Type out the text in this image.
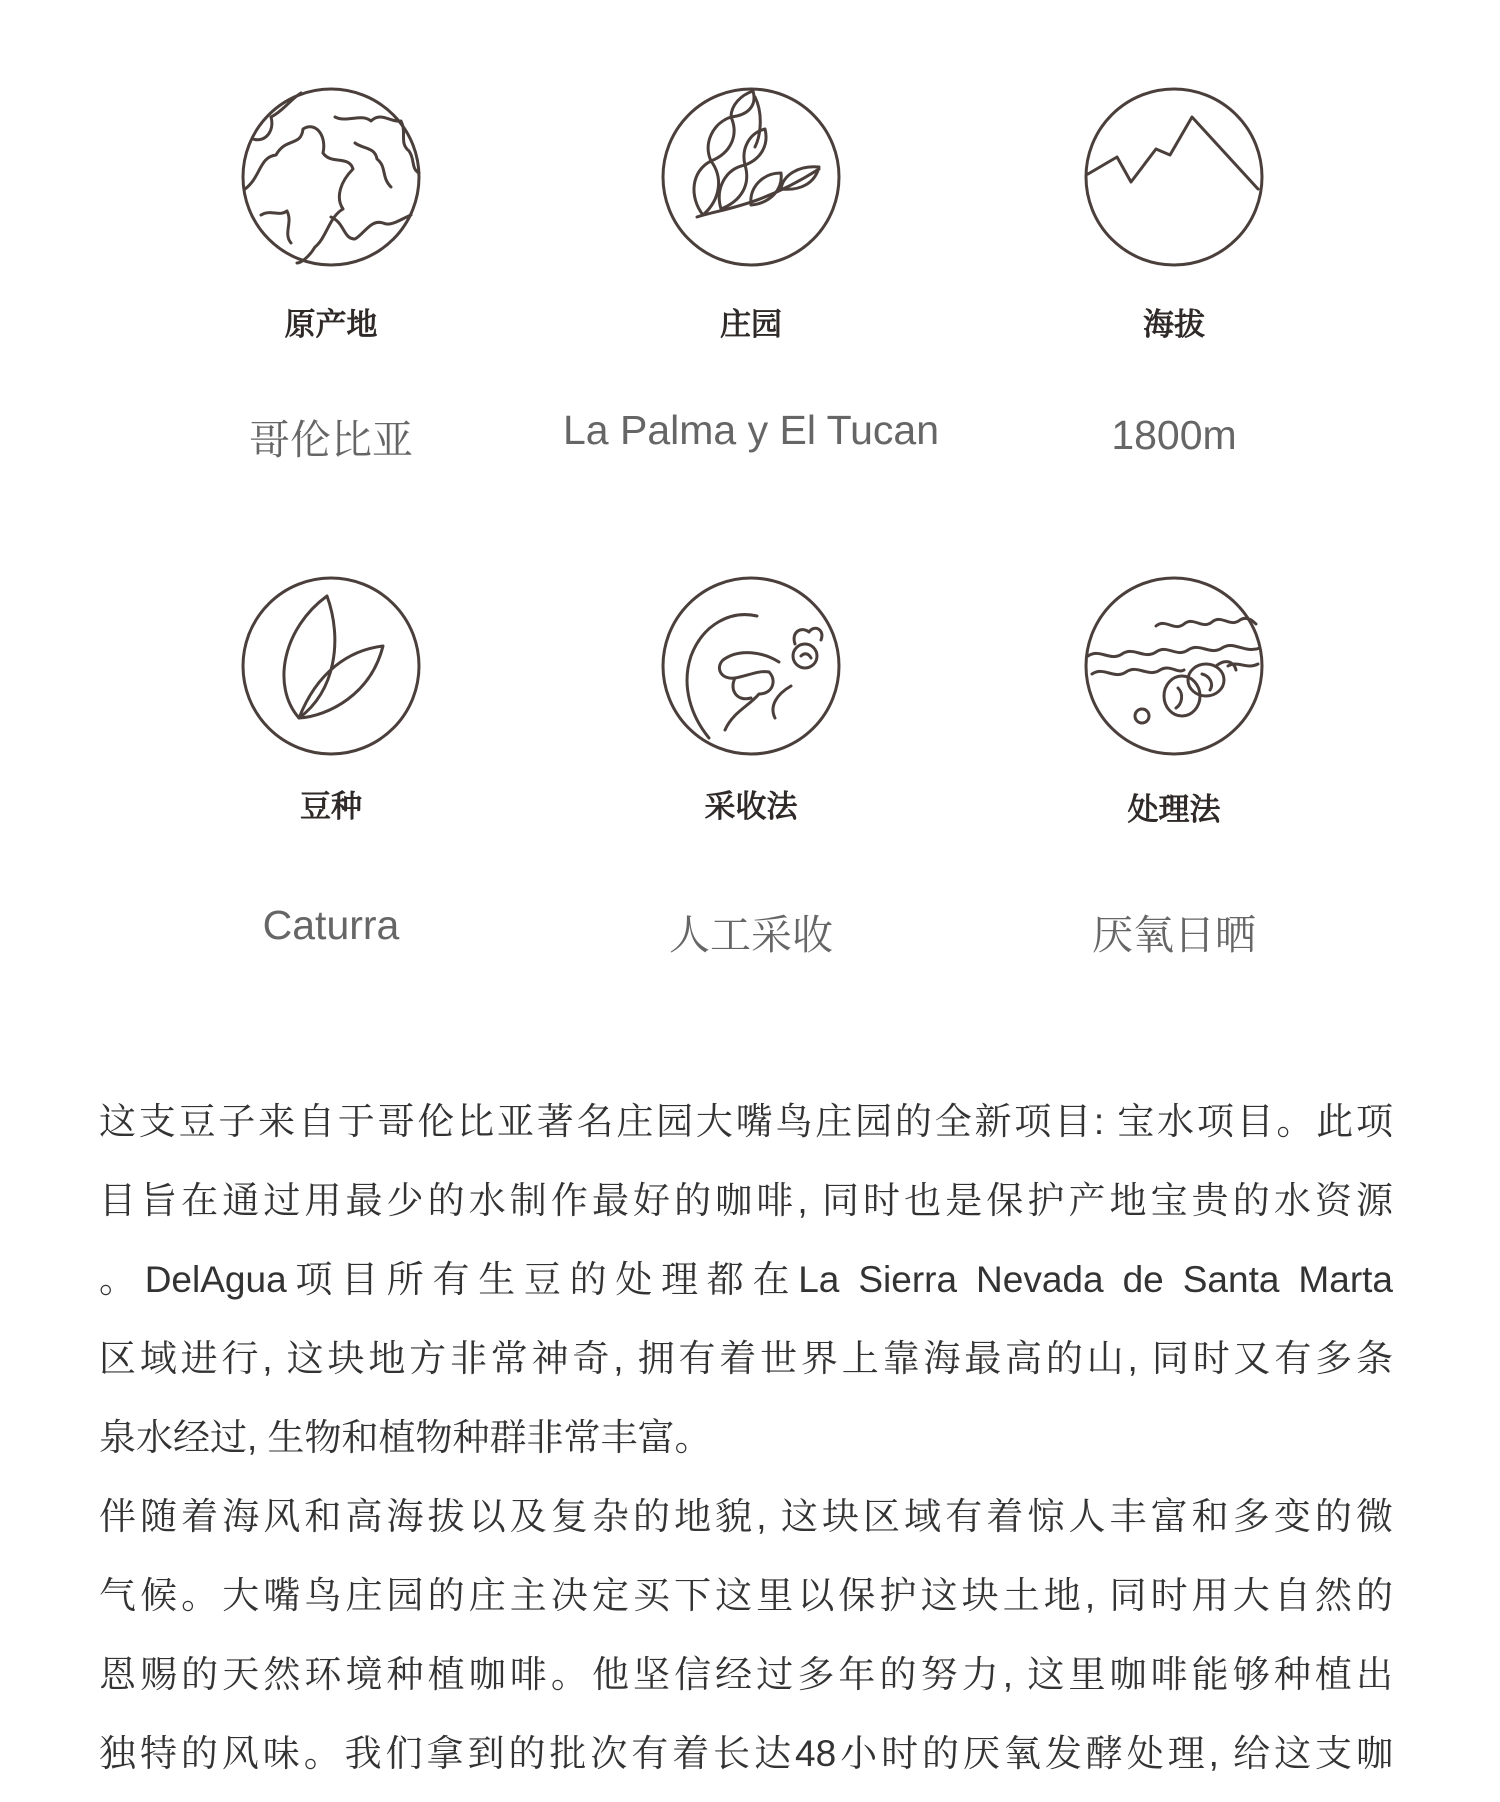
原产地
哥伦比亚
庄园
La Palma y El Tucan
海拔
1800m
豆种
Caturra
采收法
人工采收
处理法
厌氧日晒
这支豆子来自于哥伦比亚著名庄园大嘴鸟庄园的全新项目: 宝水项目。此项
目旨在通过用最少的水制作最好的咖啡, 同时也是保护产地宝贵的水资源
。DelAgua项目所有生豆的处理都在La Sierra Nevada de Santa Marta
区域进行, 这块地方非常神奇, 拥有着世界上靠海最高的山, 同时又有多条
泉水经过, 生物和植物种群非常丰富。
伴随着海风和高海拔以及复杂的地貌, 这块区域有着惊人丰富和多变的微
气候。大嘴鸟庄园的庄主决定买下这里以保护这块土地, 同时用大自然的
恩赐的天然环境种植咖啡。他坚信经过多年的努力, 这里咖啡能够种植出
独特的风味。我们拿到的批次有着长达48小时的厌氧发酵处理, 给这支咖
